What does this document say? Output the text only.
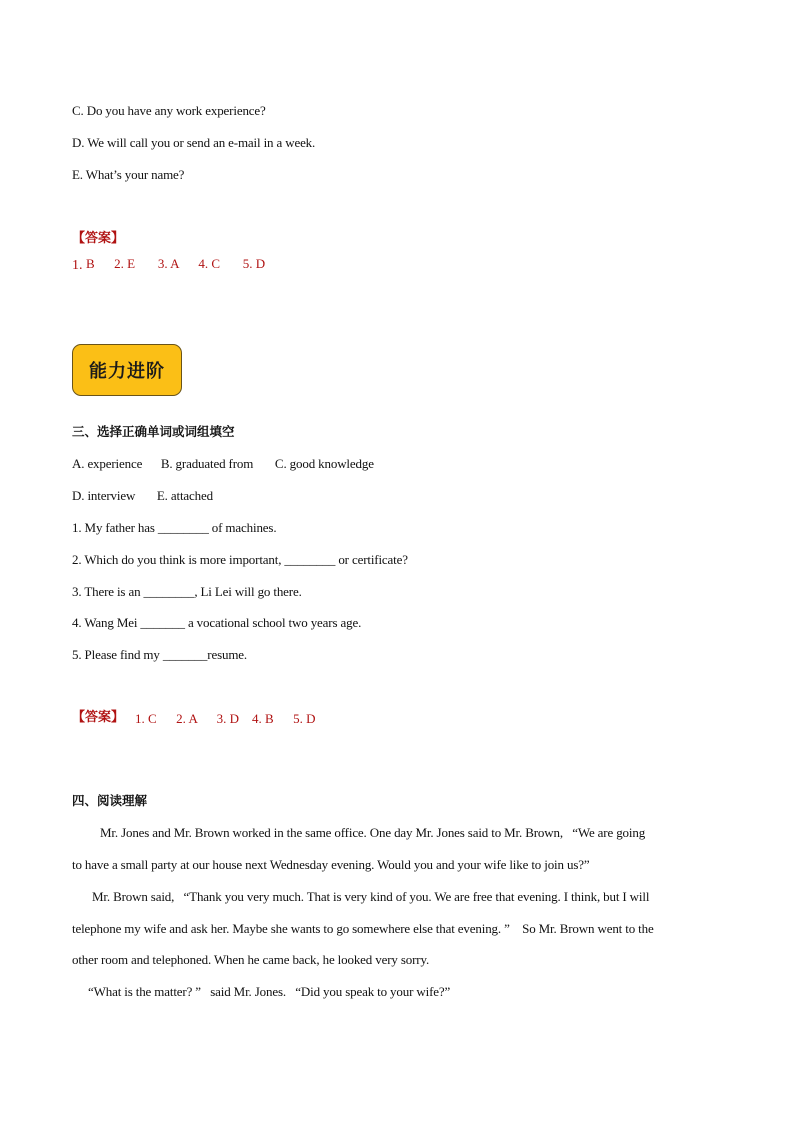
C. Do you have any work experience?
D. We will call you or send an e-mail in a week.
E. What’s your name?
【答案】
1. B      2. E       3. A      4. C       5. D
能力进阶
三、选择正确单词或词组填空
A. experience      B. graduated from       C. good knowledge
D. interview       E. attached
1. My father has ________ of machines.
2. Which do you think is more important, ________ or certificate?
3. There is an ________, Li Lei will go there.
4. Wang Mei _______ a vocational school two years age.
5. Please find my _______resume.
【答案】 1. C      2. A      3. D    4. B      5. D
四、阅读理解
Mr. Jones and Mr. Brown worked in the same office. One day Mr. Jones said to Mr. Brown,   “We are going
to have a small party at our house next Wednesday evening. Would you and your wife like to join us?”
Mr. Brown said,   “Thank you very much. That is very kind of you. We are free that evening. I think, but I will
telephone my wife and ask her. Maybe she wants to go somewhere else that evening. ”    So Mr. Brown went to the
other room and telephoned. When he came back, he looked very sorry.
“What is the matter? ”   said Mr. Jones.   “Did you speak to your wife?”
